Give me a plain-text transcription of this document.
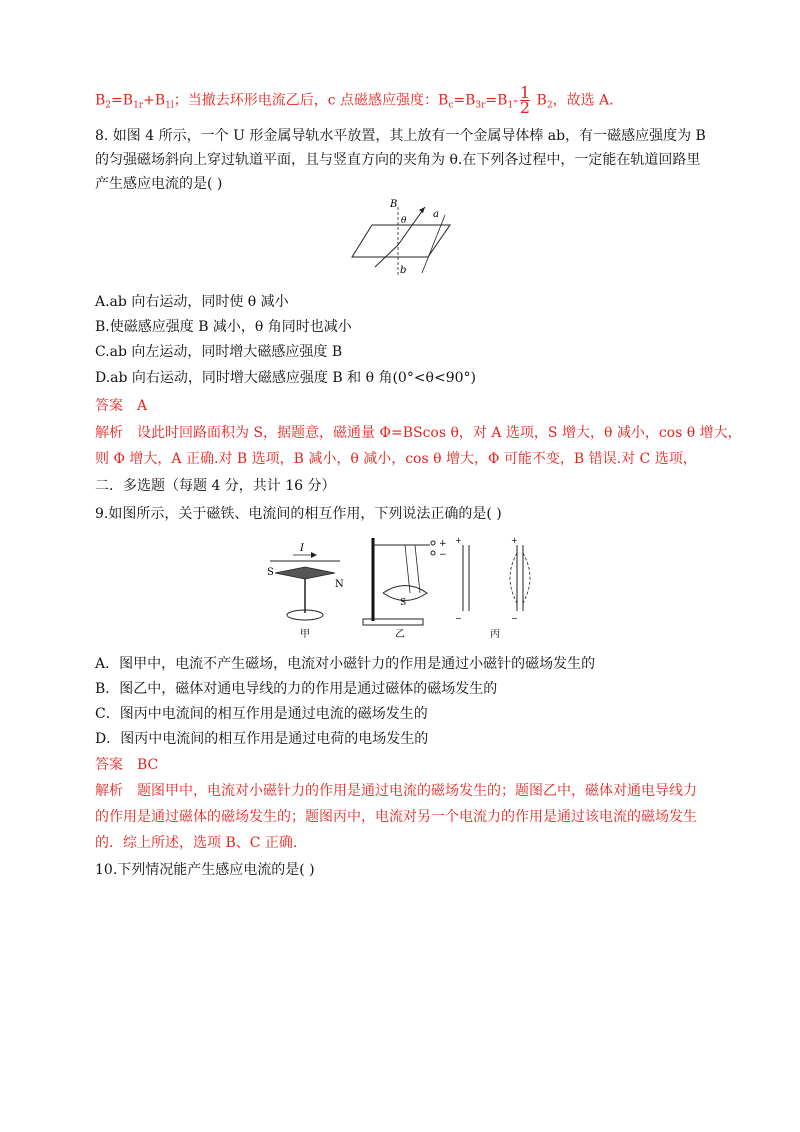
$B_2=B_{1r}+B_{1l}$；当撤去环形电流乙后，c 点磁感应强度：$B_c=B_{3r}=B_1- \frac{1}{2} B_2$，故选 A.
8. 如图 4 所示，一个 U 形金属导轨水平放置，其上放有一个金属导体棒 ab，有一磁感应强度为 B
的匀强磁场斜向上穿过轨道平面，且与竖直方向的夹角为 θ.在下列各过程中，一定能在轨道回路里
产生感应电流的是( )
B
θ
a
b
A.ab 向右运动，同时使 θ 减小
B.使磁感应强度 B 减小，θ 角同时也减小
C.ab 向左运动，同时增大磁感应强度 B
D.ab 向右运动，同时增大磁感应强度 B 和 θ 角(0°<θ<90°)
答案　A
解析　设此时回路面积为 S，据题意，磁通量 Φ=BScos θ，对 A 选项，S 增大，θ 减小，cos θ 增大，
则 Φ 增大，A 正确.对 B 选项，B 减小，θ 减小，cos θ 增大，Φ 可能不变，B 错误.对 C 选项，
二．多选题（每题 4 分，共计 16 分）
9.如图所示，关于磁铁、电流间的相互作用，下列说法正确的是( )
I
S
N
甲
+
−
S
乙
+	+
−	−
丙
A．图甲中，电流不产生磁场，电流对小磁针力的作用是通过小磁针的磁场发生的
B．图乙中，磁体对通电导线的力的作用是通过磁体的磁场发生的
C．图丙中电流间的相互作用是通过电流的磁场发生的
D．图丙中电流间的相互作用是通过电荷的电场发生的
答案　BC
解析　题图甲中，电流对小磁针力的作用是通过电流的磁场发生的；题图乙中，磁体对通电导线力
的作用是通过磁体的磁场发生的；题图丙中，电流对另一个电流力的作用是通过该电流的磁场发生
的．综上所述，选项 B、C 正确．
10.下列情况能产生感应电流的是( )
